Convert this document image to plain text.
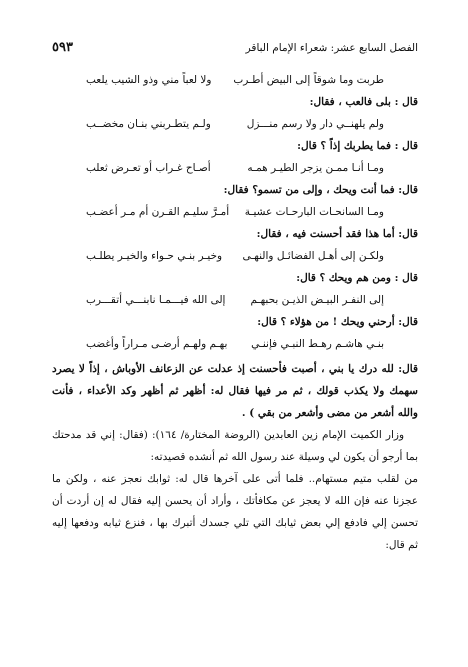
الفصل السابع عشر: شعراء الإمام الباقر
٥٩٣
طربت وما شوقاً إلى البيض أطـرب
ولا لعباً مني وذو الشيب يلعب
قال : بلى فالعب ، فقال:
ولم يلهنــي دار ولا رسم منـــزل
ولـم يتطـربني بنـان مخضــب
قال : فما يطربك إذاً ؟ قال:
ومـا أنـا ممـن يزجر الطيـر همـه
أصـاح غـراب أو تعـرض ثعلب
قال: فما أنت ويحك ، وإلى من تسمو؟ فقال:
ومـا السانحـات البارحـات عشيـة
أمـرَّ سليـم القـرن أم مـر أعضـب
قال: أما هذا فقد أحسنت فيه ، فقال:
ولكـن إلى أهـل الفضائـل والنهـى
وخيـر بنـي حـواء والخيـر يطلـب
قال : ومن هم ويحك ؟ قال:
إلى النفـر البيـض الذيـن بحبهـم
إلى الله فيـــمـا نابنـــي أتقـــرب
قال: أرحني ويحك ! من هؤلاء ؟ قال:
بنـي هاشـم رهـط النبـي فإننـي
بهـم ولهـم أرضـى مـراراً وأغضب
قال: لله درك يا بني ، أصبت فأحسنت إذ عدلت عن الزعانف الأوباش ، إذاً لا يصرد سهمك ولا يكذب قولك ، ثم مر فيها فقال له: أظهر ثم أظهر وكد الأعداء ، فأنت والله أشعر من مضى وأشعر من بقي ) .
وزار الكميت الإمام زين العابدين (الروضة المختارة/ ١٦٤): (فقال: إني قد مدحتك بما أرجو أن يكون لي وسيلة عند رسول الله ثم أنشده قصيدته:
من لقلب متيم مستهام.. فلما أتى على آخرها قال له: ثوابك نعجز عنه ، ولكن ما عجزنا عنه فإن الله لا يعجز عن مكافأتك ، وأراد أن يحسن إليه فقال له إن أردت أن تحسن إلي فادفع إلي بعض ثيابك التي تلي جسدك أتبرك بها ، فنزع ثيابه ودفعها إليه ثم قال:
